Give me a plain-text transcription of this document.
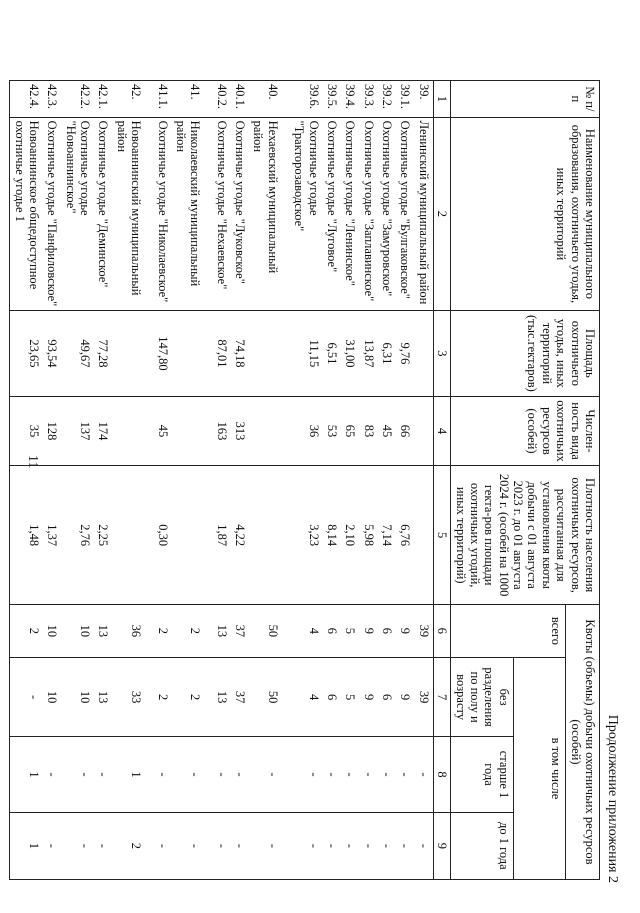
11
Продолжение приложения 2
№ п/п	Наименование муниципального образования, охотничьего угодья, иных территорий	Площадь охотничьего угодья, иных территорий (тыс.гектаров)	Числен-ность вида охотничьих ресурсов (особей)	Плотность населения охотничьих ресурсов, рассчитанная для установления квоты добычи с 01 августа 2023 г. до 01 августа 2024 г. (особей на 1000 гекта-ров площади охотничьих угодий, иных территорий)	Квоты (объемы) добычи охотничьих ресурсов (особей)			
					всего	в том числе		
						без разделения по полу и возрасту	старше 1 года	до 1 года
1	2	3	4	5	6	7	8	9
39.	Ленинский муниципальный район				39	39	-	-
39.1.	Охотничье угодье "Булгаковское"	9,76	66	6,76	9	9	-	-
39.2.	Охотничье угодье "Замуровское"	6,31	45	7,14	6	6	-	-
39.3.	Охотничье угодье "Заплавинское"	13,87	83	5,98	9	9	-	-
39.4.	Охотничье угодье "Ленинское"	31,00	65	2,10	5	5	-	-
39.5.	Охотничье угодье "Луговое"	6,51	53	8,14	6	6	-	-
39.6.	Охотничье угодье "Тракторозаводское"	11,15	36	3,23	4	4	-	-

40.	Нехаевский муниципальный район				50	50	-	-
40.1.	Охотничье угодье "Луковское"	74,18	313	4,22	37	37	-	-
40.2.	Охотничье угодье "Нехаевское"	87,01	163	1,87	13	13	-	-

41.	Николаевский муниципальный район				2	2	-	-
41.1.	Охотничье угодье "Николаевское"	147,80	45	0,30	2	2	-	-

42.	Новоаннинский муниципальный район				36	33	1	2
42.1.	Охотничье угодье "Деминское"	77,28	174	2,25	13	13	-	-
42.2.	Охотничье угодье "Новоаннинское"	49,67	137	2,76	10	10	-	-
42.3.	Охотничье угодье "Панфиловское"	93,54	128	1,37	10	10	-	-
42.4.	Новоаннинское общедоступное охотничье угодье 1	23,65	35	1,48	2	-	1	1
